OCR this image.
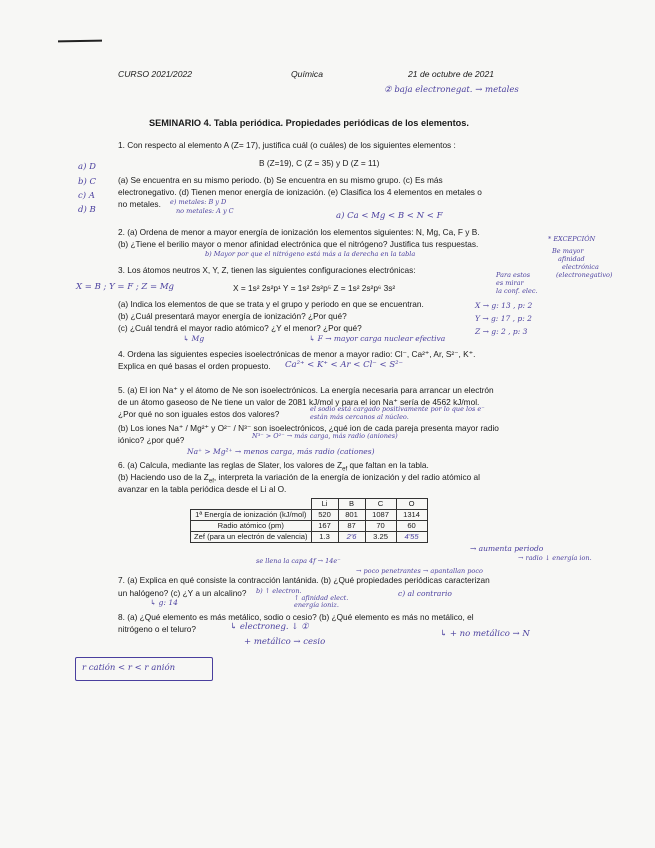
CURSO 2021/2022	Química	21 de octubre de 2021
② baja electronegat. → metales
SEMINARIO 4. Tabla periódica. Propiedades periódicas de los elementos.
1. Con respecto al elemento A (Z= 17), justifica cuál (o cuáles) de los siguientes elementos :
B (Z=19), C (Z = 35) y D (Z = 11)
(a) Se encuentra en su mismo periodo. (b) Se encuentra en su mismo grupo. (c) Es más
electronegativo. (d) Tienen menor energía de ionización. (e) Clasifica los 4 elementos en metales o
no metales.
a) D
b) C
c) A
d) B
e) metales: B y D
no metales: A y C	a) Ca < Mg < B < N < F
2. (a) Ordena de menor a mayor energía de ionización los elementos siguientes: N, Mg, Ca, F y B.
(b) ¿Tiene el berilio mayor o menor afinidad electrónica que el nitrógeno? Justifica tus respuestas.	* EXCEPCIÓN
b) Mayor por que el nitrógeno está más a la derecha en la tabla	Be mayor
afinidad
electrónica
(electronegativo)
3. Los átomos neutros X, Y, Z, tienen las siguientes configuraciones electrónicas:
X = B ; Y = F ; Z = Mg	X = 1s² 2s²p¹ Y = 1s² 2s²p⁵ Z = 1s² 2s²p⁶ 3s²
Para estos
es mirar
la conf. elec.
(a) Indica los elementos de que se trata y el grupo y periodo en que se encuentran.	X → g: 13 , p: 2
(b) ¿Cuál presentará mayor energía de ionización? ¿Por qué?	Y → g: 17 , p: 2
(c) ¿Cuál tendrá el mayor radio atómico? ¿Y el menor? ¿Por qué?	Z → g: 2 , p: 3
↳ Mg	↳ F → mayor carga nuclear efectiva
4. Ordena las siguientes especies isoelectrónicas de menor a mayor radio: Cl⁻, Ca²⁺, Ar, S²⁻, K⁺.
Explica en qué basas el orden propuesto. Ca²⁺ < K⁺ < Ar < Cl⁻ < S²⁻
5. (a) El ion Na⁺ y el átomo de Ne son isoelectrónicos. La energía necesaria para arrancar un electrón
de un átomo gaseoso de Ne tiene un valor de 2081 kJ/mol y para el ion Na⁺ sería de 4562 kJ/mol.
¿Por qué no son iguales estos dos valores?	el sodio está cargado positivamente por lo que los e⁻
están más cercanos al núcleo.
(b) Los iones Na⁺ / Mg²⁺ y O²⁻ / N³⁻ son isoelectrónicos, ¿qué ion de cada pareja presenta mayor radio
iónico? ¿por qué?	N³⁻ > O²⁻ → más carga, más radio (aniones)
Na⁺ > Mg²⁺ → menos carga, más radio (cationes)
6. (a) Calcula, mediante las reglas de Slater, los valores de $Z_{ef}$ que faltan en la tabla.
(b) Haciendo uso de la $Z_{ef}$, interpreta la variación de la energía de ionización y del radio atómico al
avanzar en la tabla periódica desde el Li al O.
	Li	B	C	O
1ª Energía de ionización (kJ/mol)	520	801	1087	1314
Radio atómico (pm)	167	87	70	60
Zef (para un electrón de valencia)	1.3	2'6	3.25	4'55
→ aumenta periodo
→ radio ↓ energía ion.
se llena la capa 4f → 14e⁻
→ poco penetrantes → apantallan poco
7. (a) Explica en qué consiste la contracción lantánida. (b) ¿Qué propiedades periódicas caracterizan
un halógeno? (c) ¿Y a un alcalino? b) ↑ electron.
↑ afinidad elect.
energía ioniz.
c) al contrario
↳ g: 14
8. (a) ¿Qué elemento es más metálico, sodio o cesio? (b) ¿Qué elemento es más no metálico, el
nitrógeno o el teluro?	↳ electroneg. ↓ ①
+ metálico → cesio
↳ + no metálico → N
r catión < r < r anión
